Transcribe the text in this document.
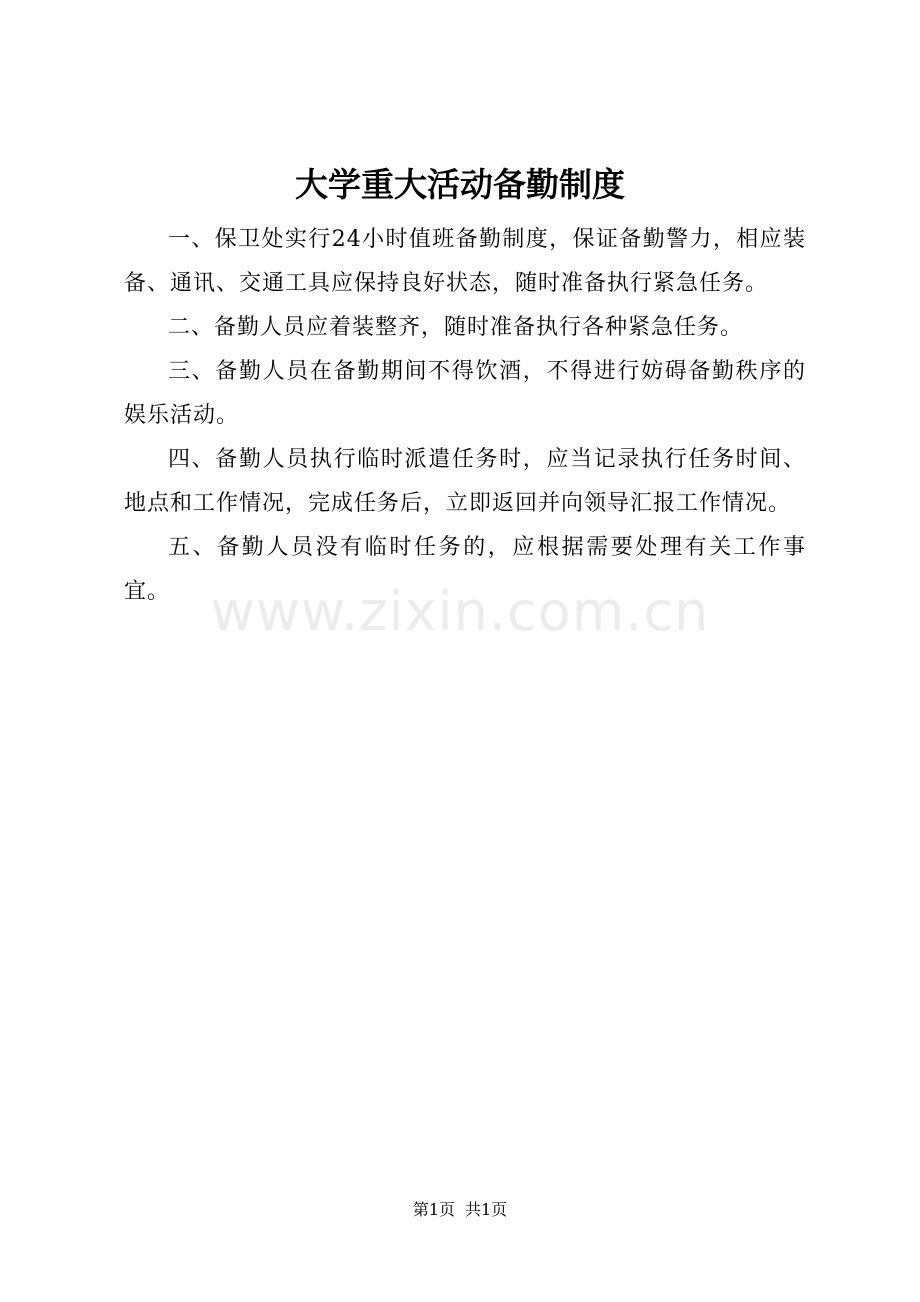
大学重大活动备勤制度

一、保卫处实行24小时值班备勤制度，保证备勤警力，相应装备、通讯、交通工具应保持良好状态，随时准备执行紧急任务。

二、备勤人员应着装整齐，随时准备执行各种紧急任务。

三、备勤人员在备勤期间不得饮酒，不得进行妨碍备勤秩序的娱乐活动。

四、备勤人员执行临时派遣任务时，应当记录执行任务时间、地点和工作情况，完成任务后，立即返回并向领导汇报工作情况。

五、备勤人员没有临时任务的，应根据需要处理有关工作事宜。 www.zixin.com.cn
第1页 共1页
